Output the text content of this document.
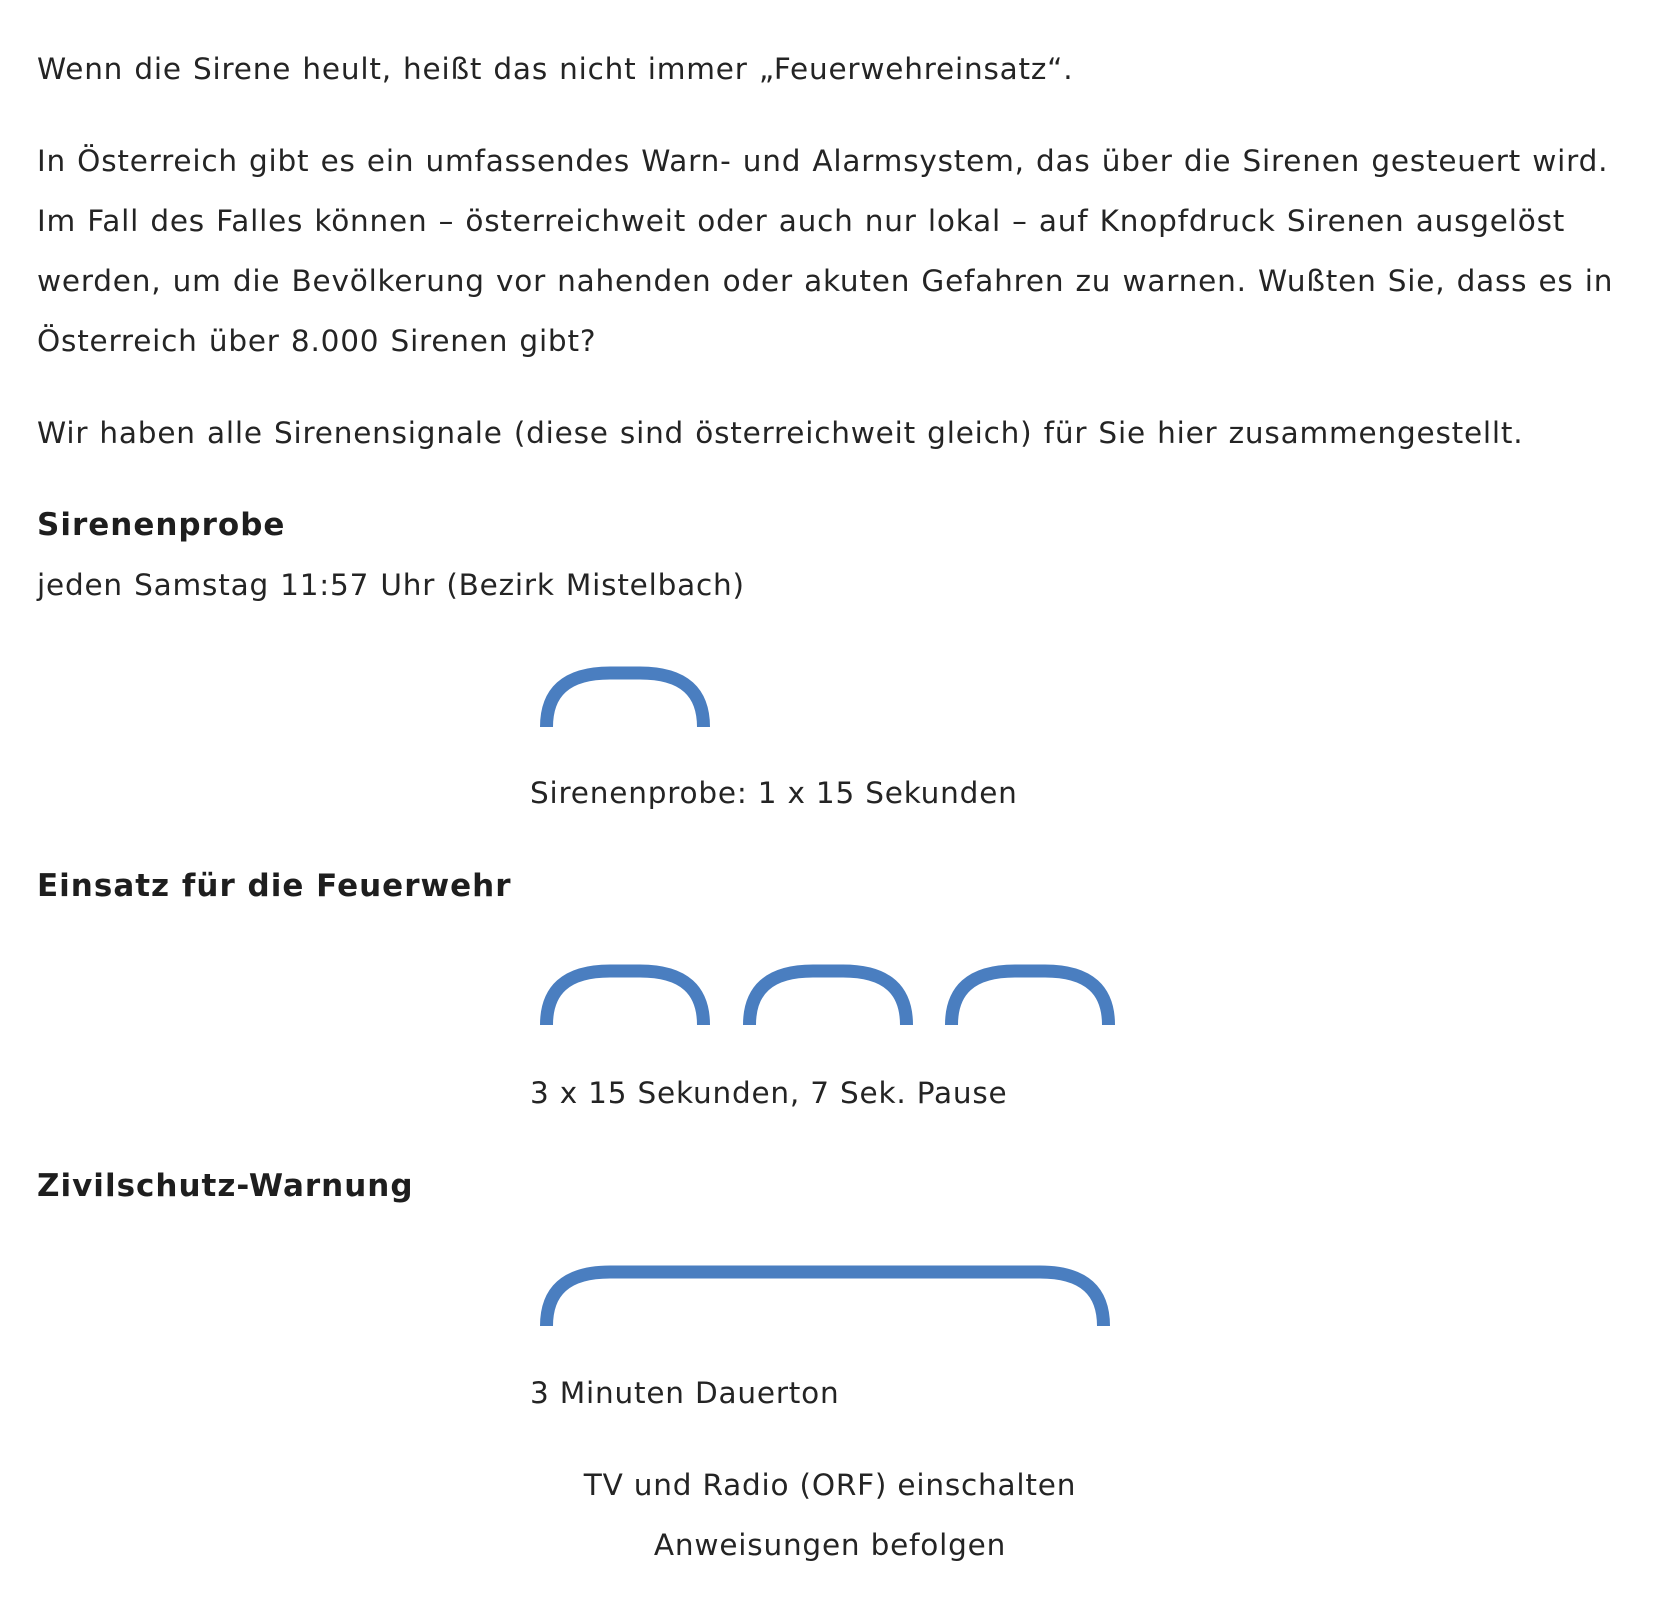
Wenn die Sirene heult, heißt das nicht immer „Feuerwehreinsatz“.

In Österreich gibt es ein umfassendes Warn- und Alarmsystem, das über die Sirenen gesteuert wird.

Im Fall des Falles können – österreichweit oder auch nur lokal – auf Knopfdruck Sirenen ausgelöst

werden, um die Bevölkerung vor nahenden oder akuten Gefahren zu warnen. Wußten Sie, dass es in

Österreich über 8.000 Sirenen gibt?

Wir haben alle Sirenensignale (diese sind österreichweit gleich) für Sie hier zusammengestellt.

Sirenenprobe

jeden Samstag 11:57 Uhr (Bezirk Mistelbach)

Sirenenprobe: 1 x 15 Sekunden

Einsatz für die Feuerwehr

3 x 15 Sekunden, 7 Sek. Pause

Zivilschutz-Warnung

3 Minuten Dauerton

TV und Radio (ORF) einschalten

Anweisungen befolgen
